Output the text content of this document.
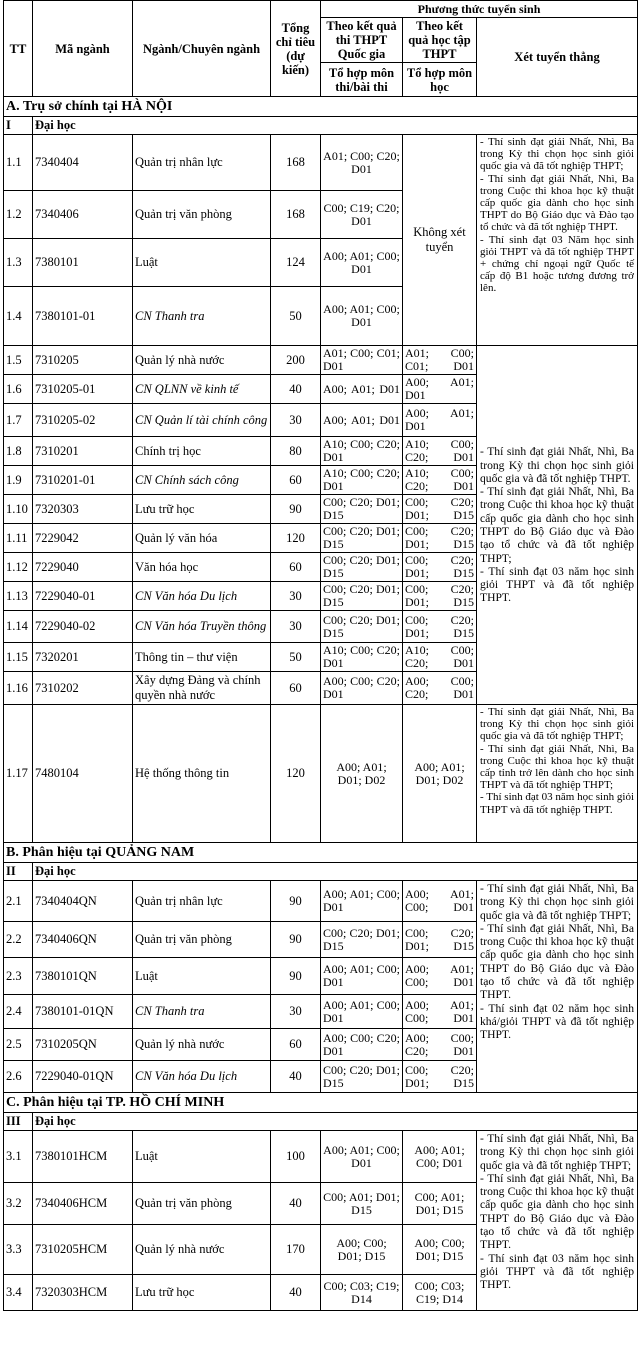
TT	Mã ngành	Ngành/Chuyên ngành	Tổng chỉ tiêu (dự kiến)	Phương thức tuyển sinh		
				Theo kết quả thi THPT Quốc gia	Theo kết quả học tập THPT	Xét tuyển thẳng
				Tổ hợp môn thi/bài thi	Tổ hợp môn học	
A. Trụ sở chính tại HÀ NỘI						
I	Đại học					
1.1	7340404	Quản trị nhân lực	168	A01; C00; C20; D01	Không xét tuyển	- Thí sinh đạt giải Nhất, Nhì, Ba trong Kỳ thi chọn học sinh giỏi quốc gia và đã tốt nghiệp THPT;

- Thí sinh đạt giải Nhất, Nhì, Ba trong Cuộc thi khoa học kỹ thuật cấp quốc gia dành cho học sinh THPT do Bộ Giáo dục và Đào tạo tổ chức và đã tốt nghiệp THPT.

- Thí sinh đạt 03 Năm học sinh giỏi THPT và đã tốt nghiệp THPT + chứng chỉ ngoại ngữ Quốc tế cấp độ B1 hoặc tương đương trở lên.

1.2	7340406	Quản trị văn phòng	168	C00; C19; C20; D01		
1.3	7380101	Luật	124	A00; A01; C00; D01		
1.4	7380101-01	CN Thanh tra	50	A00; A01; C00; D01		
1.5	7310205	Quản lý nhà nước	200	A01; C00; C01; D01	A01; C00; C01; D01	- Thí sinh đạt giải Nhất, Nhì, Ba trong Kỳ thi chọn học sinh giỏi quốc gia và đã tốt nghiệp THPT.

- Thí sinh đạt giải Nhất, Nhì, Ba trong Cuộc thi khoa học kỹ thuật cấp quốc gia dành cho học sinh THPT do Bộ Giáo dục và Đào tạo tổ chức và đã tốt nghiệp THPT;

- Thí sinh đạt 03 năm học sinh giỏi THPT và đã tốt nghiệp THPT.

1.6	7310205-01	CN QLNN về kinh tế	40	A00; A01; D01	A00; A01; D01	
1.7	7310205-02	CN Quản lí tài chính công	30	A00; A01; D01	A00; A01; D01	
1.8	7310201	Chính trị học	80	A10; C00; C20; D01	A10; C00; C20; D01	
1.9	7310201-01	CN Chính sách công	60	A10; C00; C20; D01	A10; C00; C20; D01	
1.10	7320303	Lưu trữ học	90	C00; C20; D01; D15	C00; C20; D01; D15	
1.11	7229042	Quản lý văn hóa	120	C00; C20; D01; D15	C00; C20; D01; D15	
1.12	7229040	Văn hóa học	60	C00; C20; D01; D15	C00; C20; D01; D15	
1.13	7229040-01	CN Văn hóa Du lịch	30	C00; C20; D01; D15	C00; C20; D01; D15	
1.14	7229040-02	CN Văn hóa Truyền thông	30	C00; C20; D01; D15	C00; C20; D01; D15	
1.15	7320201	Thông tin – thư viện	50	A10; C00; C20; D01	A10; C00; C20; D01	
1.16	7310202	Xây dựng Đảng và chính quyền nhà nước	60	A00; C00; C20; D01	A00; C00; C20; D01	
1.17	7480104	Hệ thống thông tin	120	A00; A01; D01; D02	A00; A01; D01; D02	- Thí sinh đạt giải Nhất, Nhì, Ba trong Kỳ thi chọn học sinh giỏi quốc gia và đã tốt nghiệp THPT;

- Thí sinh đạt giải Nhất, Nhì, Ba trong Cuộc thi khoa học kỹ thuật cấp tỉnh trở lên dành cho học sinh THPT và đã tốt nghiệp THPT;

- Thí sinh đạt 03 năm học sinh giỏi THPT và đã tốt nghiệp THPT.

B. Phân hiệu tại QUẢNG NAM						
II	Đại học					
2.1	7340404QN	Quản trị nhân lực	90	A00; A01; C00; D01	A00; A01; C00; D01	- Thí sinh đạt giải Nhất, Nhì, Ba trong Kỳ thi chọn học sinh giỏi quốc gia và đã tốt nghiệp THPT;

- Thí sinh đạt giải Nhất, Nhì, Ba trong Cuộc thi khoa học kỹ thuật cấp quốc gia dành cho học sinh THPT do Bộ Giáo dục và Đào tạo tổ chức và đã tốt nghiệp THPT.

- Thí sinh đạt 02 năm học sinh khá/giỏi THPT và đã tốt nghiệp THPT.

2.2	7340406QN	Quản trị văn phòng	90	C00; C20; D01; D15	C00; C20; D01; D15	
2.3	7380101QN	Luật	90	A00; A01; C00; D01	A00; A01; C00; D01	
2.4	7380101-01QN	CN Thanh tra	30	A00; A01; C00; D01	A00; A01; C00; D01	
2.5	7310205QN	Quản lý nhà nước	60	A00; C00; C20; D01	A00; C00; C20; D01	
2.6	7229040-01QN	CN Văn hóa Du lịch	40	C00; C20; D01; D15	C00; C20; D01; D15	
C. Phân hiệu tại TP. HỒ CHÍ MINH						
III	Đại học					
3.1	7380101HCM	Luật	100	A00; A01; C00; D01	A00; A01; C00; D01	- Thí sinh đạt giải Nhất, Nhì, Ba trong Kỳ thi chọn học sinh giỏi quốc gia và đã tốt nghiệp THPT;

- Thí sinh đạt giải Nhất, Nhì, Ba trong Cuộc thi khoa học kỹ thuật cấp quốc gia dành cho học sinh THPT do Bộ Giáo dục và Đào tạo tổ chức và đã tốt nghiệp THPT.

- Thí sinh đạt 03 năm học sinh giỏi THPT và đã tốt nghiệp THPT.

3.2	7340406HCM	Quản trị văn phòng	40	C00; A01; D01; D15	C00; A01; D01; D15	
3.3	7310205HCM	Quản lý nhà nước	170	A00; C00; D01; D15	A00; C00; D01; D15	
3.4	7320303HCM	Lưu trữ học	40	C00; C03; C19; D14	C00; C03; C19; D14	
